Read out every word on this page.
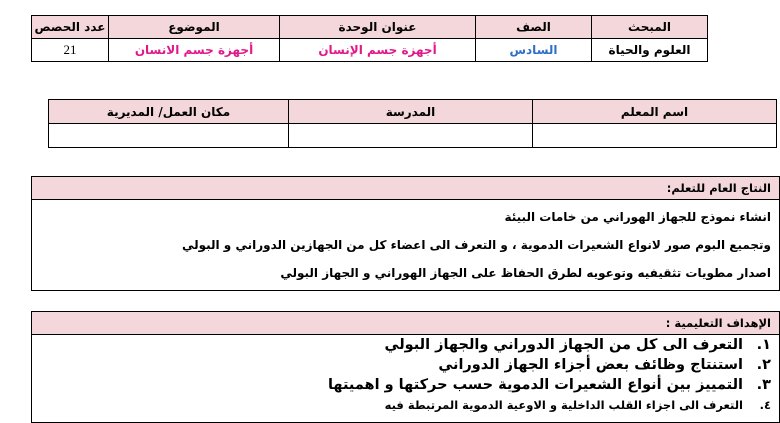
المبحث	الصف	عنوان الوحدة	الموضوع	عدد الحصص
العلوم والحياة	السادس	أجهزة جسم الإنسان	أجهزة جسم الانسان	21
اسم المعلم	المدرسة	مكان العمل/ المديرية

النتاج العام للتعلم:
انشاء نموذج للجهاز الهوراني من خامات البيئة
وتجميع البوم صور لانواع الشعيرات الدموية ، و التعرف الى اعضاء كل من الجهازين الدوراني و البولي
اصدار مطويات تثقيفيه وتوعويه لطرق الحفاظ على الجهاز الهوراني و الجهاز البولي
الإهداف التعليمية :
١.التعرف الى كل من الجهاز الدوراني والجهاز البولي
٢.استنتاج وظائف بعض أجزاء الجهاز الدوراني
٣.التمييز بين أنواع الشعيرات الدموية حسب حركتها و اهميتها
٤.التعرف الى اجزاء القلب الداخلية و الاوعية الدموية المرتبطة فيه
